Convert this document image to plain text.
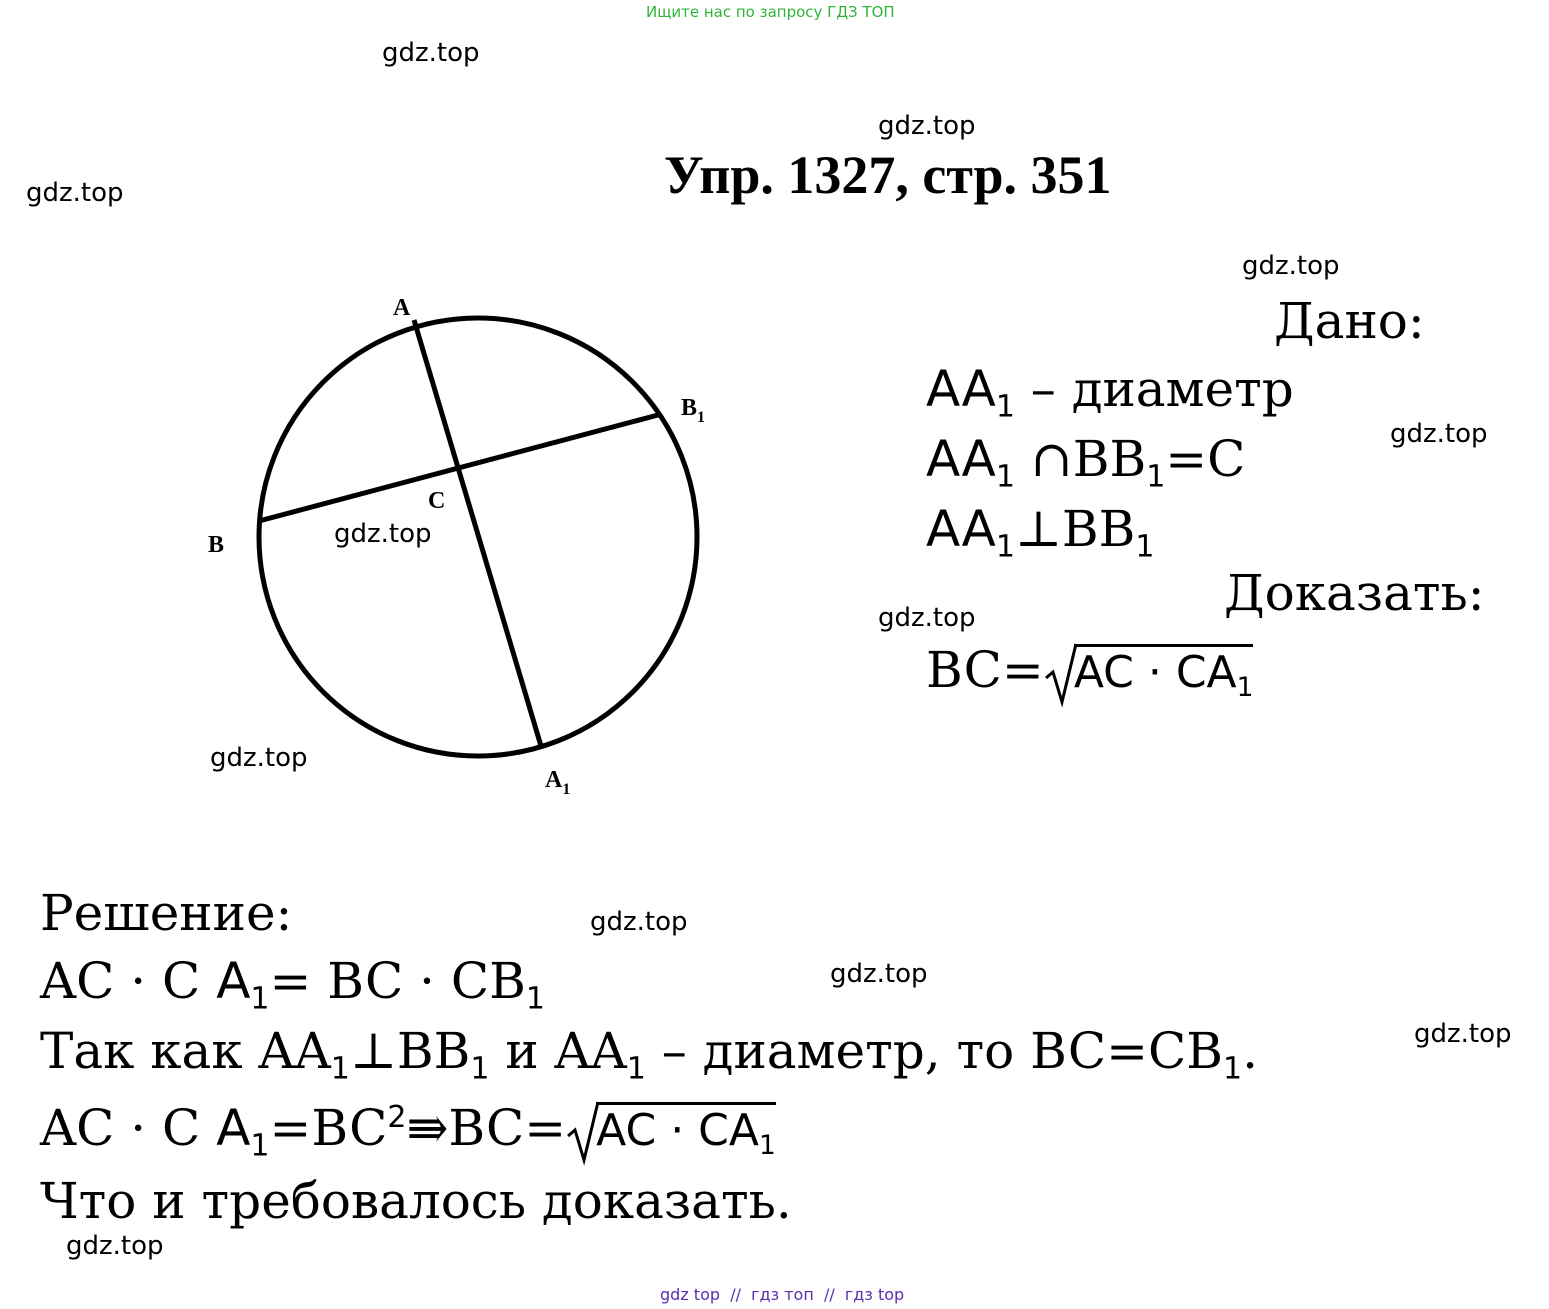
Ищите нас по запросу ГДЗ ТОП
gdz.top
gdz.top
gdz.top
gdz.top
gdz.top
gdz.top
gdz.top
gdz.top
gdz.top
gdz.top
gdz.top
gdz.top
Упр. 1327, стр. 351
A
$B_1$
B
C
$A_1$
Дано:
$AA_1$ – диаметр
$AA_1$ $\cap BB_1=C$
$AA_1\perp BB_1$
Доказать:
BC= AC · $CA_1$
Решение:
AC · C $A_1=$ BC · $CB_1$
Так как $AA_1\perp BB_1$ и $AA_1$ – диаметр, то $BC=CB_1$.
AC · C $A_1=BC^2⇛BC=$ AC · $CA_1$
Что и требовалось доказать.
gdz top  //  гдз топ  //  гдз top
